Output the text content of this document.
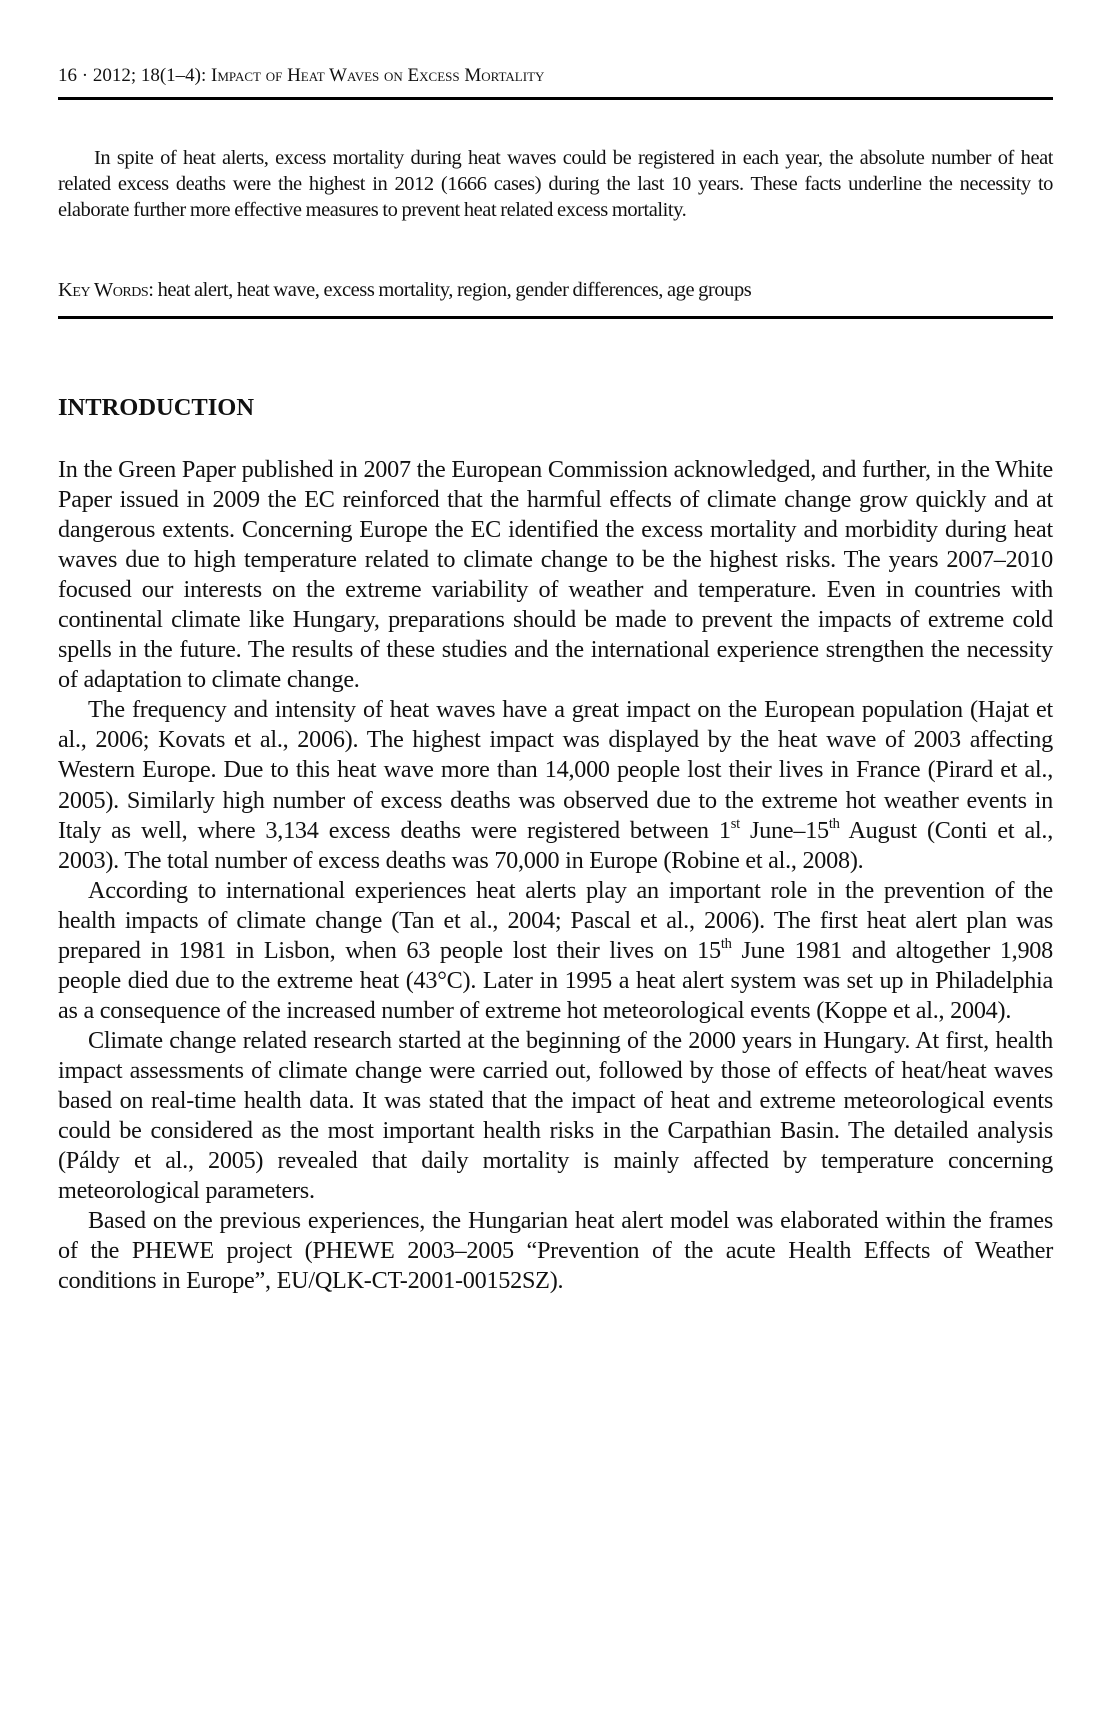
16 · 2012; 18(1–4): Impact of Heat Waves on Excess Mortality

In spite of heat alerts, excess mortality during heat waves could be registered in each year, the absolute number of heat related excess deaths were the highest in 2012 (1666 cases) during the last 10 years. These facts underline the necessity to elaborate further more effective measures to prevent heat related excess mortality.

Key Words: heat alert, heat wave, excess mortality, region, gender differences, age groups
INTRODUCTION

In the Green Paper published in 2007 the European Commission acknowledged, and further, in the White Paper issued in 2009 the EC reinforced that the harmful effects of climate change grow quickly and at dangerous extents. Concerning Europe the EC identified the excess mortality and morbidity during heat waves due to high temperature related to climate change to be the highest risks. The years 2007–2010 focused our interests on the extreme variability of weather and temperature. Even in countries with continental climate like Hungary, preparations should be made to prevent the impacts of extreme cold spells in the future. The results of these studies and the international experience strengthen the necessity of adaptation to climate change.

The frequency and intensity of heat waves have a great impact on the European population (Hajat et al., 2006; Kovats et al., 2006). The highest impact was displayed by the heat wave of 2003 affecting Western Europe. Due to this heat wave more than 14,000 people lost their lives in France (Pirard et al., 2005). Similarly high number of excess deaths was observed due to the extreme hot weather events in Italy as well, where 3,134 excess deaths were registered between 1st June–15th August (Conti et al., 2003). The total number of excess deaths was 70,000 in Europe (Robine et al., 2008).

According to international experiences heat alerts play an important role in the prevention of the health impacts of climate change (Tan et al., 2004; Pascal et al., 2006). The first heat alert plan was prepared in 1981 in Lisbon, when 63 people lost their lives on 15th June 1981 and altogether 1,908 people died due to the extreme heat (43°C). Later in 1995 a heat alert system was set up in Philadelphia as a consequence of the increased number of extreme hot meteorological events (Koppe et al., 2004).

Climate change related research started at the beginning of the 2000 years in Hungary. At first, health impact assessments of climate change were carried out, followed by those of effects of heat/heat waves based on real-time health data. It was stated that the impact of heat and extreme meteorological events could be considered as the most important health risks in the Carpathian Basin. The detailed analysis (Páldy et al., 2005) revealed that daily mortality is mainly affected by temperature concerning meteorological parameters.

Based on the previous experiences, the Hungarian heat alert model was elaborated within the frames of the PHEWE project (PHEWE 2003–2005 “Prevention of the acute Health Effects of Weather conditions in Europe”, EU/QLK-CT-2001-00152SZ).
